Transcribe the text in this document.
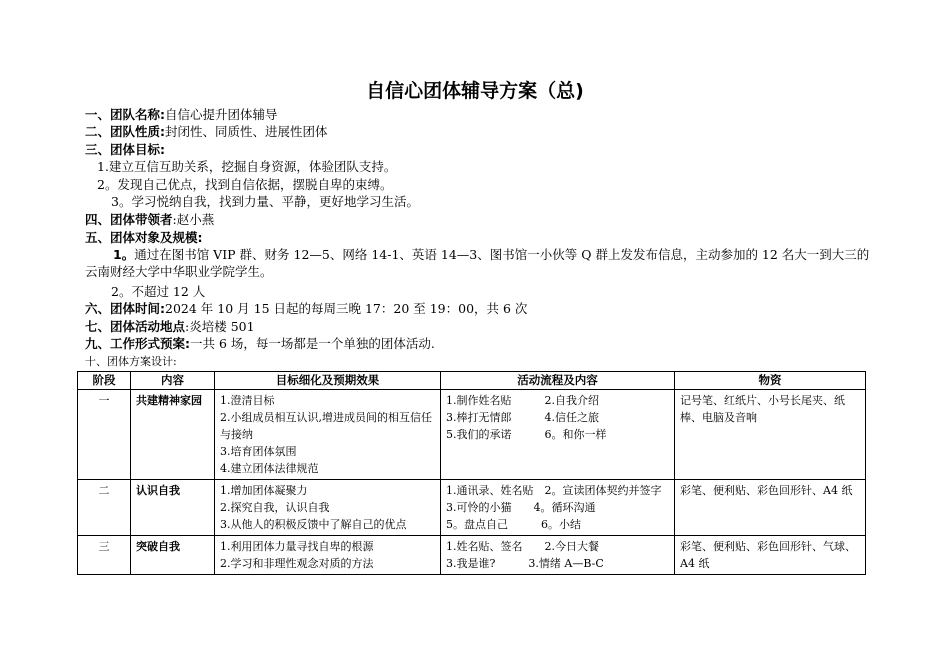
自信心团体辅导方案（总)
一、团队名称:自信心提升团体辅导
二、团队性质:封闭性、同质性、进展性团体
三、团体目标:
1.建立互信互助关系，挖掘自身资源，体验团队支持。
2。发现自己优点，找到自信依据，摆脱自卑的束缚。
3。学习悦纳自我，找到力量、平静，更好地学习生活。
四、团体带领者:赵小燕
五、团体对象及规模:
1。通过在图书馆 VIP 群、财务 12—5、网络 14-1、英语 14—3、图书馆一小伙等 Q 群上发发布信息，主动参加的 12 名大一到大三的云南财经大学中华职业学院学生。
2。不超过 12 人
六、团体时间:2024 年 10 月 15 日起的每周三晚 17：20 至 19：00，共 6 次
七、团体活动地点:炎培楼 501
九、工作形式预案:一共 6 场，每一场都是一个单独的团体活动.
十、团体方案设计:
阶段	内容	目标细化及预期效果	活动流程及内容	物资
一	共建精神家园	1.澄清目标
2.小组成员相互认识,增进成员间的相互信任与接纳
3.培育团体氛围
4.建立团体法律规范	1.制作姓名贴　　　2.自我介绍
3.棒打无情郎　　　4.信任之旅
5.我们的承诺　　　6。和你一样	记号笔、红纸片、小号长尾夹、纸棒、电脑及音响
二	认识自我	1.增加团体凝聚力
2.探究自我，认识自我
3.从他人的积极反馈中了解自己的优点	1.通讯录、姓名贴　2。宣读团体契约并签字
3.可怜的小猫　　4。循环沟通
5。盘点自己　　　6。小结	彩笔、便利贴、彩色回形针、A4 纸
三	突破自我	1.利用团体力量寻找自卑的根源
2.学习和非理性观念对质的方法	1.姓名贴、签名　　2.今日大餐
3.我是谁?　　　3.情绪 A—B-C	彩笔、便利贴、彩色回形针、气球、A4 纸
